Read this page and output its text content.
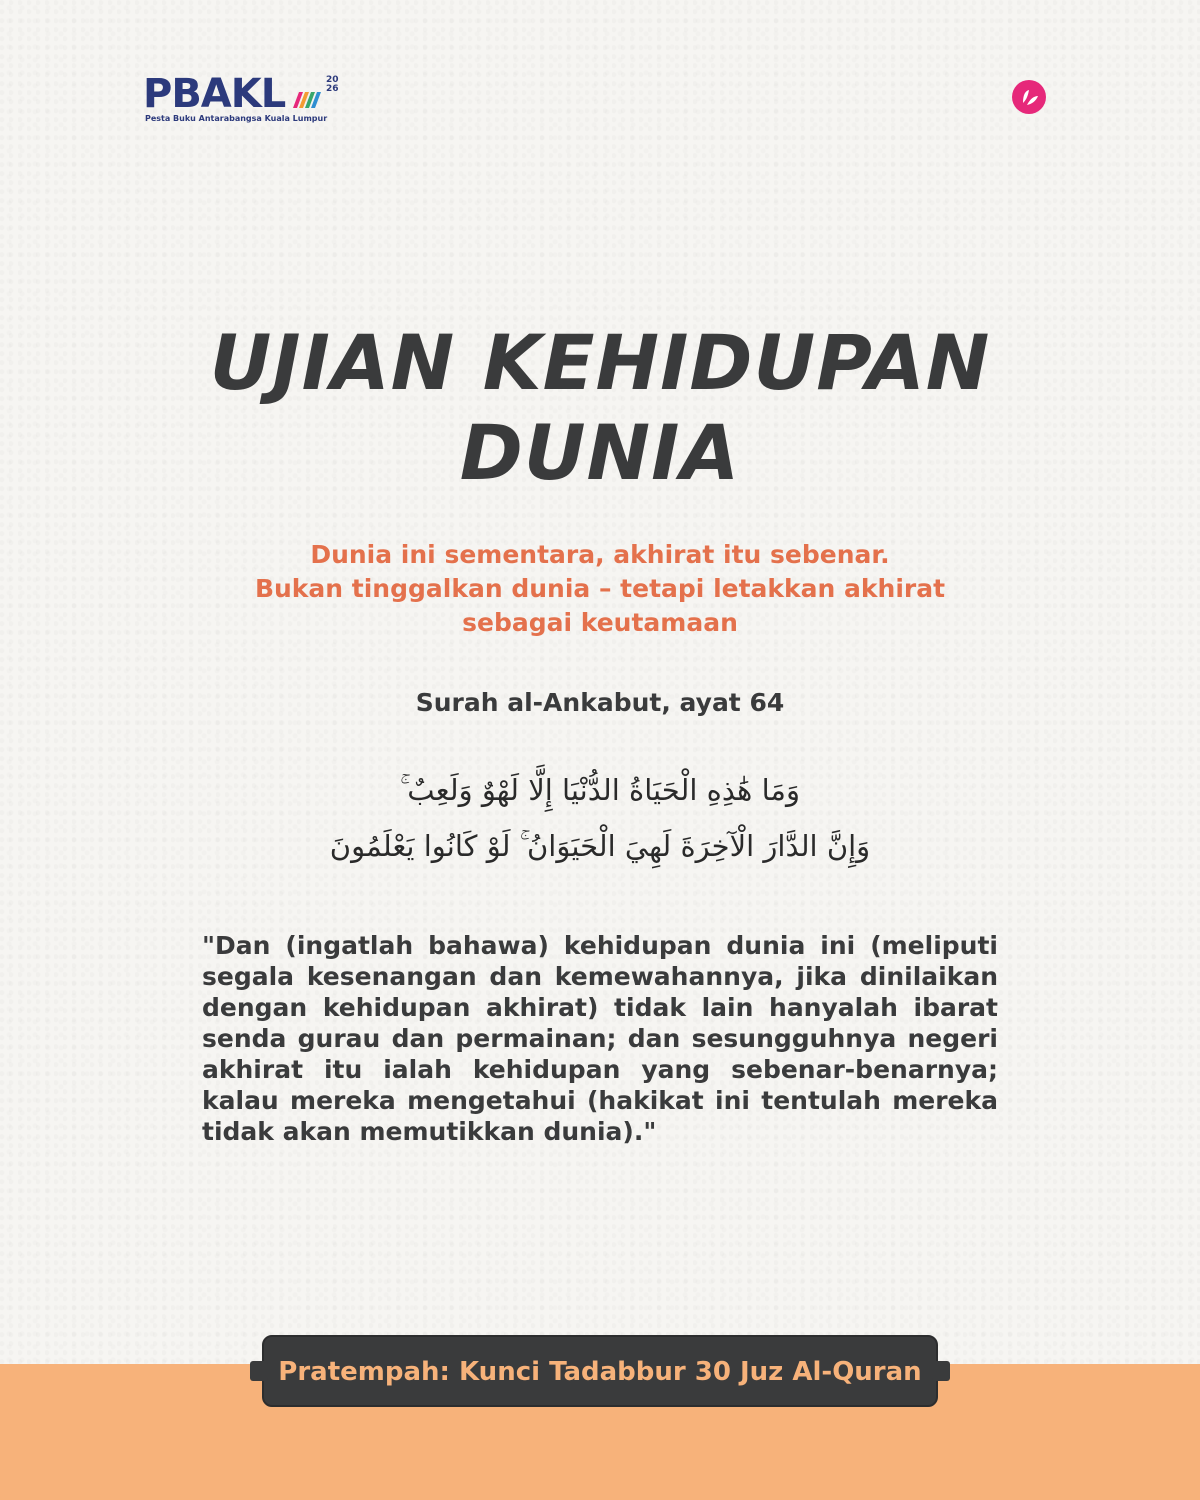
PBAKL	2026
Pesta Buku Antarabangsa Kuala Lumpur
UJIAN KEHIDUPAN
DUNIA
Dunia ini sementara, akhirat itu sebenar.
Bukan tinggalkan dunia – tetapi letakkan akhirat
sebagai keutamaan
Surah al-Ankabut, ayat 64
وَمَا هَٰذِهِ الْحَيَاةُ الدُّنْيَا إِلَّا لَهْوٌ وَلَعِبٌ ۚ
وَإِنَّ الدَّارَ الْآخِرَةَ لَهِيَ الْحَيَوَانُ ۚ لَوْ كَانُوا يَعْلَمُونَ
"Dan (ingatlah bahawa) kehidupan dunia ini (meliputi segala kesenangan dan kemewahannya, jika dinilaikan dengan kehidupan akhirat) tidak lain hanyalah ibarat senda gurau dan permainan; dan sesungguhnya negeri akhirat itu ialah kehidupan yang sebenar-benarnya; kalau mereka mengetahui (hakikat ini tentulah mereka tidak akan memutikkan dunia)."
Pratempah: Kunci Tadabbur 30 Juz Al-Quran
